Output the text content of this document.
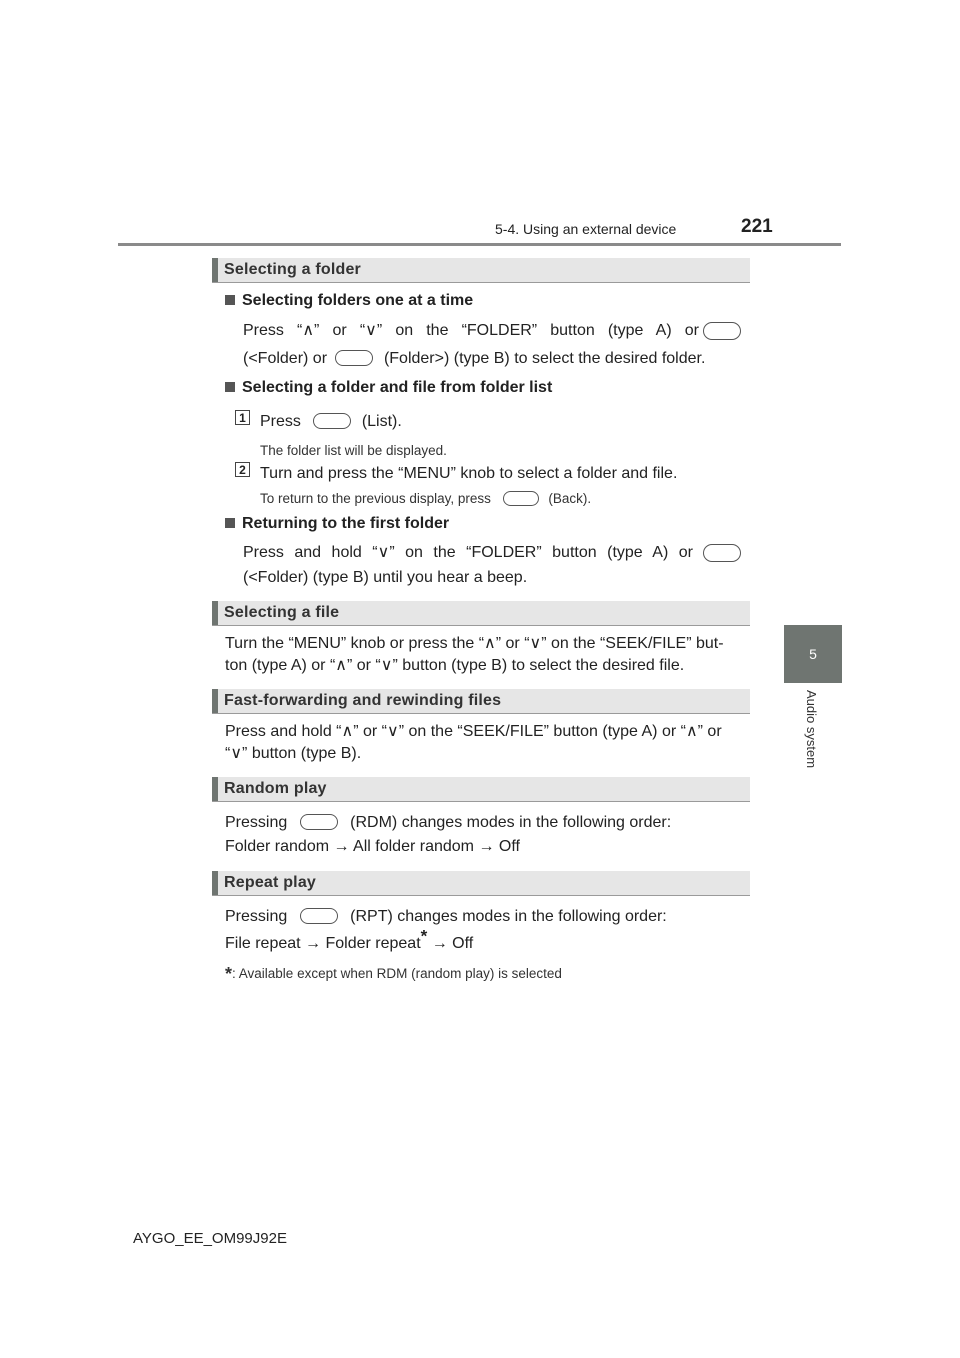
5-4. Using an external device	221
5
Audio system
Selecting a folder
Selecting folders one at a time
Press “∧” or “∨” on the “FOLDER” button (type A) or
(<Folder) or	(Folder>) (type B) to select the desired folder.
Selecting a folder and file from folder list
1 Press	(List).
The folder list will be displayed.
2 Turn and press the “MENU” knob to select a folder and file.
To return to the previous display, press	(Back).
Returning to the first folder
Press and hold “∨” on the “FOLDER” button (type A) or
(<Folder) (type B) until you hear a beep.
Selecting a file
Turn the “MENU” knob or press the “∧” or “∨” on the “SEEK/FILE” but-
ton (type A) or “∧” or “∨” button (type B) to select the desired file.
Fast-forwarding and rewinding files
Press and hold “∧” or “∨” on the “SEEK/FILE” button (type A) or “∧” or
“∨” button (type B).
Random play
Pressing	(RDM) changes modes in the following order:
Folder random → All folder random → Off
Repeat play
Pressing	(RPT) changes modes in the following order:
File repeat → Folder repeat* → Off
*: Available except when RDM (random play) is selected
AYGO_EE_OM99J92E
